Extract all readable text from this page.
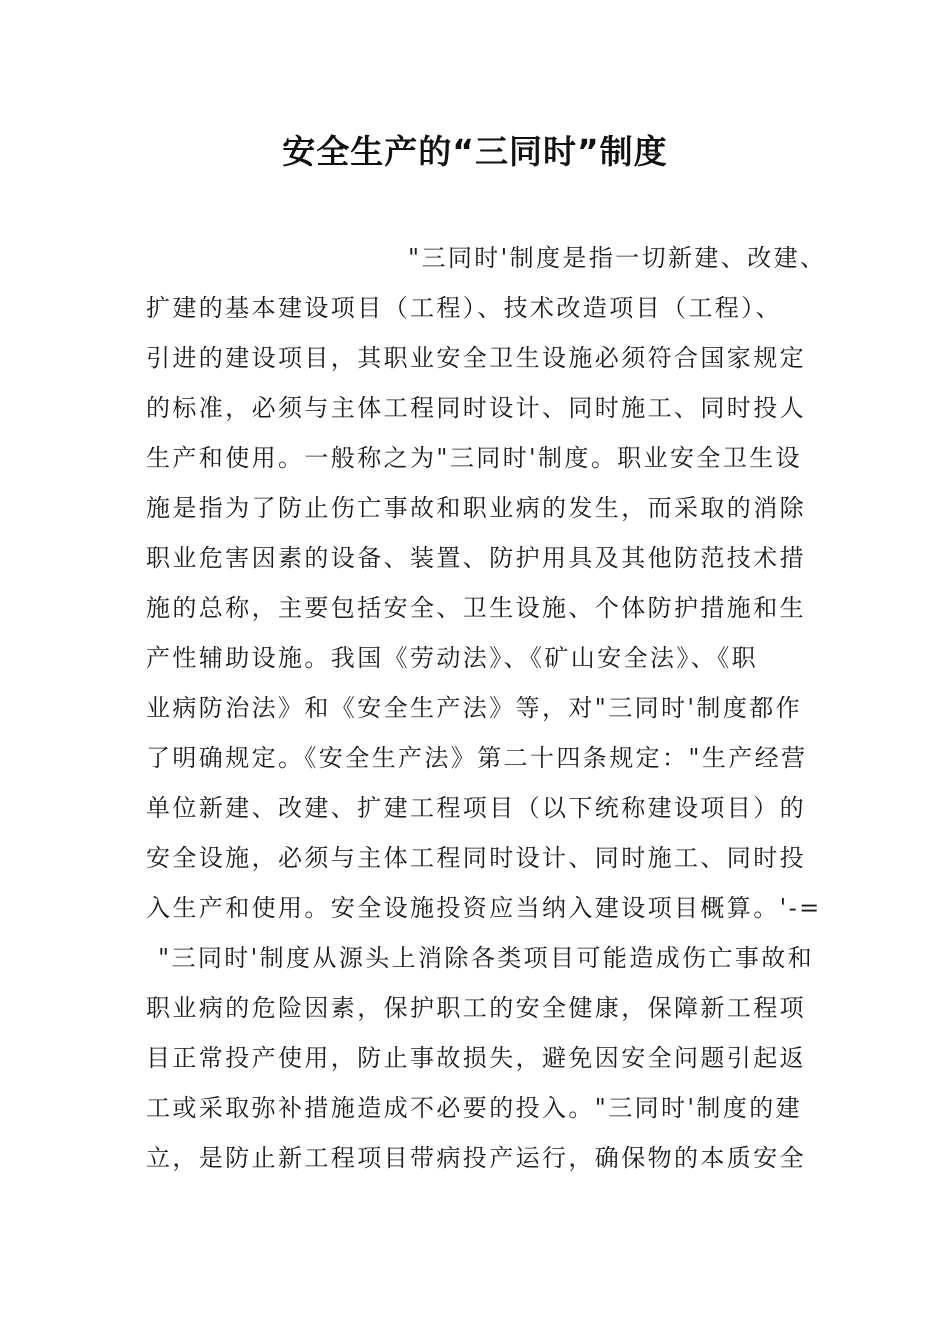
安全生产的“三同时”制度
"三同时'制度是指一切新建、改建、
扩建的基本建设项目（工程）、技术改造项目（工程）、
引进的建设项目，其职业安全卫生设施必须符合国家规定
的标准，必须与主体工程同时设计、同时施工、同时投人
生产和使用。一般称之为"三同时'制度。职业安全卫生设
施是指为了防止伤亡事故和职业病的发生，而采取的消除
职业危害因素的设备、装置、防护用具及其他防范技术措
施的总称，主要包括安全、卫生设施、个体防护措施和生
产性辅助设施。我国《劳动法》、《矿山安全法》、《职
业病防治法》和《安全生产法》等，对"三同时'制度都作
了明确规定。《安全生产法》第二十四条规定："生产经营
单位新建、改建、扩建工程项目（以下统称建设项目）的
安全设施，必须与主体工程同时设计、同时施工、同时投
入生产和使用。安全设施投资应当纳入建设项目概算。'-=
"三同时'制度从源头上消除各类项目可能造成伤亡事故和
职业病的危险因素，保护职工的安全健康，保障新工程项
目正常投产使用，防止事故损失，避免因安全问题引起返
工或采取弥补措施造成不必要的投入。"三同时'制度的建
立，是防止新工程项目带病投产运行，确保物的本质安全
